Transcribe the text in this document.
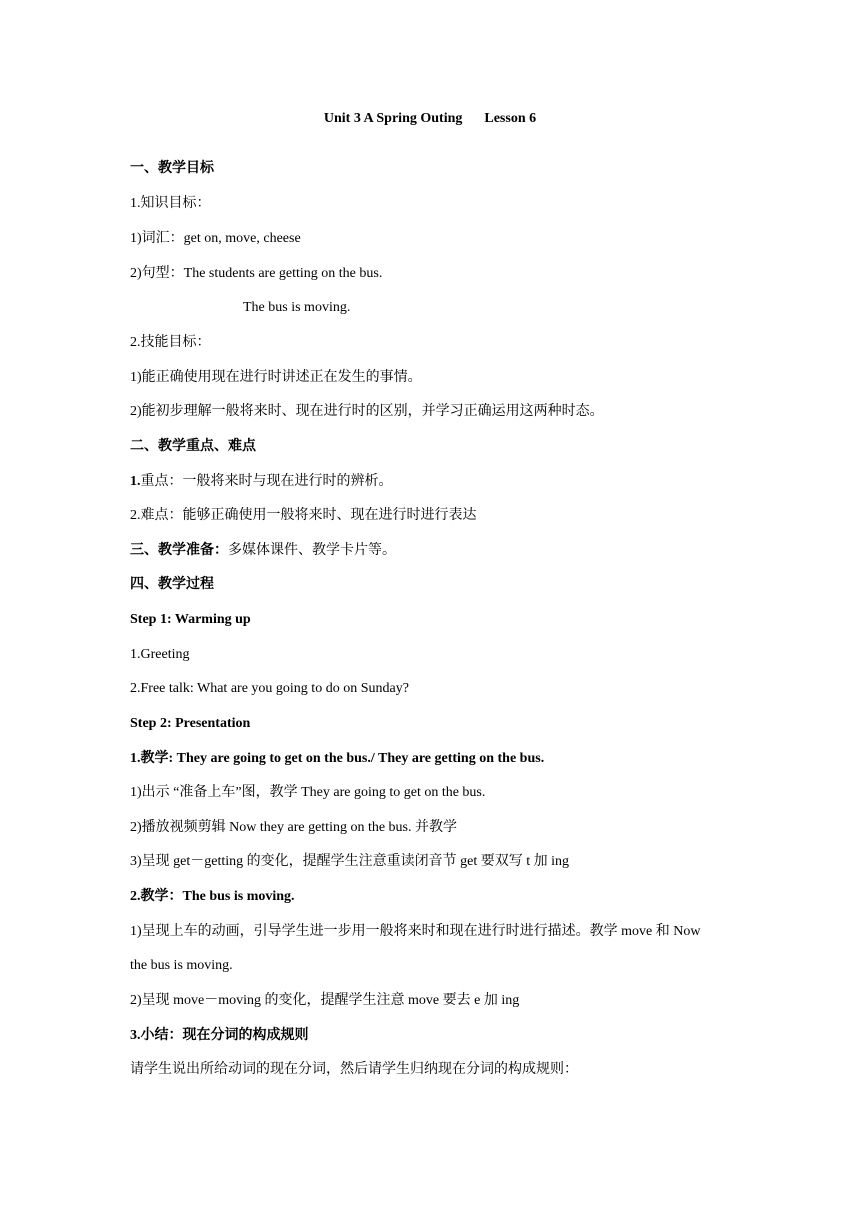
Unit 3 A Spring Outing Lesson 6
一、教学目标
1.知识目标：
1)词汇：get on, move, cheese
2)句型：The students are getting on the bus.
The bus is moving.
2.技能目标：
1)能正确使用现在进行时讲述正在发生的事情。
2)能初步理解一般将来时、现在进行时的区别，并学习正确运用这两种时态。
二、教学重点、难点
1.重点：一般将来时与现在进行时的辨析。
2.难点：能够正确使用一般将来时、现在进行时进行表达
三、教学准备：多媒体课件、教学卡片等。
四、教学过程
Step 1: Warming up
1.Greeting
2.Free talk: What are you going to do on Sunday?
Step 2: Presentation
1.教学: They are going to get on the bus./ They are getting on the bus.
1)出示 “准备上车”图，教学 They are going to get on the bus.
2)播放视频剪辑 Now they are getting on the bus. 并教学
3)呈现 get－getting 的变化，提醒学生注意重读闭音节 get 要双写 t 加 ing
2.教学：The bus is moving.
1)呈现上车的动画，引导学生进一步用一般将来时和现在进行时进行描述。教学 move 和 Now
the bus is moving.
2)呈现 move－moving 的变化，提醒学生注意 move 要去 e 加 ing
3.小结：现在分词的构成规则
请学生说出所给动词的现在分词，然后请学生归纳现在分词的构成规则：
